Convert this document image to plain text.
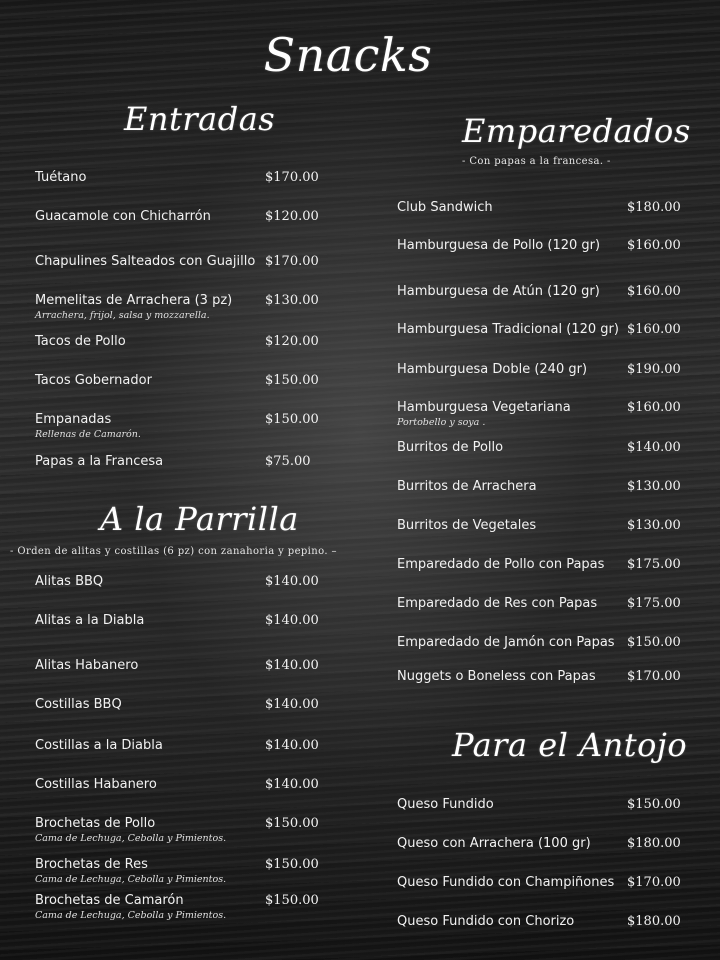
Snacks
Entradas
Tuétano	$170.00
Guacamole con Chicharrón	$120.00
Chapulines Salteados con Guajillo $170.00
Memelitas de Arrachera (3 pz)	$130.00
Arrachera, frijol, salsa y mozzarella.
Tacos de Pollo	$120.00
Tacos Gobernador	$150.00
Empanadas	$150.00
Rellenas de Camarón.
Papas a la Francesa	$75.00
A la Parrilla
- Orden de alitas y costillas (6 pz) con zanahoria y pepino. –
Alitas BBQ	$140.00
Alitas a la Diabla	$140.00
Alitas Habanero	$140.00
Costillas BBQ	$140.00
Costillas a la Diabla	$140.00
Costillas Habanero	$140.00
Brochetas de Pollo	$150.00
Cama de Lechuga, Cebolla y Pimientos.
Brochetas de Res	$150.00
Cama de Lechuga, Cebolla y Pimientos.
Brochetas de Camarón	$150.00
Cama de Lechuga, Cebolla y Pimientos.
Emparedados
- Con papas a la francesa. -
Club Sandwich	$180.00
Hamburguesa de Pollo (120 gr) $160.00
Hamburguesa de Atún (120 gr) $160.00
Hamburguesa Tradicional (120 gr) $160.00
Hamburguesa Doble (240 gr)	$190.00
Hamburguesa Vegetariana	$160.00
Portobello y soya .
Burritos de Pollo	$140.00
Burritos de Arrachera	$130.00
Burritos de Vegetales	$130.00
Emparedado de Pollo con Papas $175.00
Emparedado de Res con Papas $175.00
Emparedado de Jamón con Papas $150.00
Nuggets o Boneless con Papas $170.00
Para el Antojo
Queso Fundido	$150.00
Queso con Arrachera (100 gr)	$180.00
Queso Fundido con Champiñones $170.00
Queso Fundido con Chorizo	$180.00
